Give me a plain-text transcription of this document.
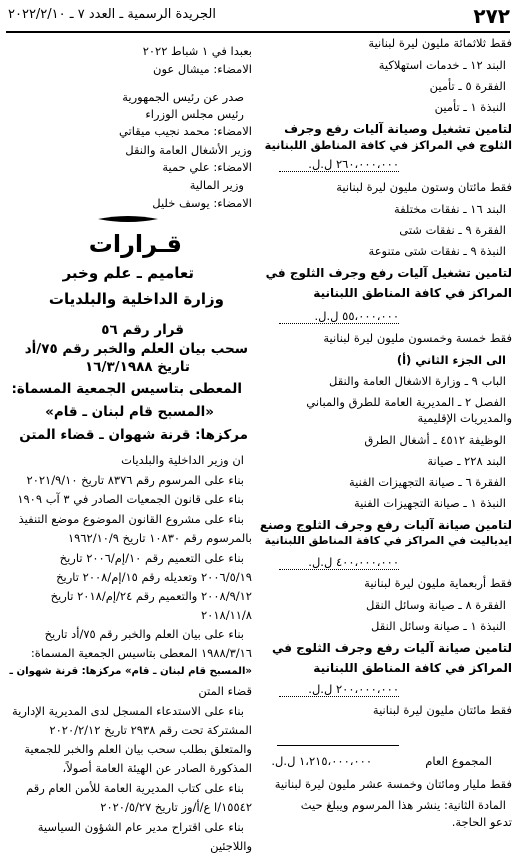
٢٧٢
الجريدة الرسمية ـ العدد ٧ ـ ٢٠٢٢/٢/١٠
فقط ثلاثمائة مليون ليرة لبنانية
البند ١٢ ـ خدمات استهلاكية
الفقرة ٥ ـ تأمين
النبذة ١ ـ تأمين
لتامين تشغيل وصيانة آليات رفع وجرف
الثلوج في المراكز في كافة المناطق اللبنانية
٢٦٠،٠٠٠،٠٠٠ ل.ل.
فقط مائتان وستون مليون ليرة لبنانية
البند ١٦ ـ نفقات مختلفة
الفقرة ٩ ـ نفقات شتى
النبذة ٩ ـ نفقات شتى متنوعة
لتامين تشغيل آليات رفع وجرف الثلوج في
المراكز في كافة المناطق اللبنانية
٥٥،٠٠٠،٠٠٠ ل.ل.
فقط خمسة وخمسون مليون ليرة لبنانية
الى الجزء الثاني (أ)
الباب ٩ ـ وزارة الاشغال العامة والنقل
الفصل ٢ ـ المديرية العامة للطرق والمباني
والمديريات الإقليمية
الوظيفة ٤٥١٢ ـ أشغال الطرق
البند ٢٢٨ ـ صيانة
الفقرة ٦ ـ صيانة التجهيزات الفنية
النبذة ١ ـ صيانة التجهيزات الفنية
لتامين صيانة آليات رفع وجرف الثلوج وصنع
ايدياليت في المراكز في كافة المناطق اللبنانية
٤٠٠،٠٠٠،٠٠٠ ل.ل.
فقط أربعماية مليون ليرة لبنانية
الفقرة ٨ ـ صيانة وسائل النقل
النبذة ١ ـ صيانة وسائل النقل
لتامين صيانة آليات رفع وجرف الثلوج في
المراكز في كافة المناطق اللبنانية
٢٠٠،٠٠٠،٠٠٠ ل.ل.
فقط مائتان مليون ليرة لبنانية
المجموع العام
١،٢١٥،٠٠٠،٠٠٠ ل.ل.
فقط مليار ومائتان وخمسة عشر مليون ليرة لبنانية
المادة الثانية: ينشر هذا المرسوم ويبلغ حيث
تدعو الحاجة.
بعبدا في ١ شباط ٢٠٢٢
الامضاء: ميشال عون
صدر عن رئيس الجمهورية
رئيس مجلس الوزراء
الامضاء: محمد نجيب ميقاتي
وزير الأشغال العامة والنقل
الامضاء: علي حمية
وزير المالية
الامضاء: يوسف خليل
قـرارات
تعاميم ـ علم وخبر
وزارة الداخلية والبلديات
قرار رقم ٥٦
سحب بيان العلم والخبر رقم ٧٥/أد
تاريخ ١٦/٣/١٩٨٨
المعطى بتاسيس الجمعية المسماة:
«المسبح قام لبنان ـ قام»
مركزها: قرنة شهوان ـ قضاء المتن
ان وزير الداخلية والبلديات
بناء على المرسوم رقم ٨٣٧٦ تاريخ ٢٠٢١/٩/١٠
بناء على قانون الجمعيات الصادر في ٣ آب ١٩٠٩
بناء على مشروع القانون الموضوع موضع التنفيذ
بالمرسوم رقم ١٠٨٣٠ تاريخ ١٩٦٢/١٠/٩
بناء على التعميم رقم ١٠/إم/٢٠٠٦ تاريخ
٢٠٠٦/٥/١٩ وتعديله رقم ١٥/إم/٢٠٠٨ تاريخ
٢٠٠٨/٩/١٢ والتعميم رقم ٢٤/إم/٢٠١٨ تاريخ
٢٠١٨/١١/٨
بناء على بيان العلم والخبر رقم ٧٥/أد تاريخ
١٩٨٨/٣/١٦ المعطى بتاسيس الجمعية المسماة:
«المسبح قام لبنان ـ قام» مركزها: قرنة شهوان ـ
قضاء المتن
بناء على الاستدعاء المسجل لدى المديرية الإدارية
المشتركة تحت رقم ٢٩٣٨ تاريخ ٢٠٢٠/٢/١٢
والمتعلق بطلب سحب بيان العلم والخبر للجمعية
المذكورة الصادر عن الهيئة العامة أصولاً،
بناء على كتاب المديرية العامة للأمن العام رقم
١٥٥٤٢/ا ع/أ/وز تاريخ ٢٠٢٠/٥/٢٧
بناء على اقتراح مدير عام الشؤون السياسية
واللاجئين
